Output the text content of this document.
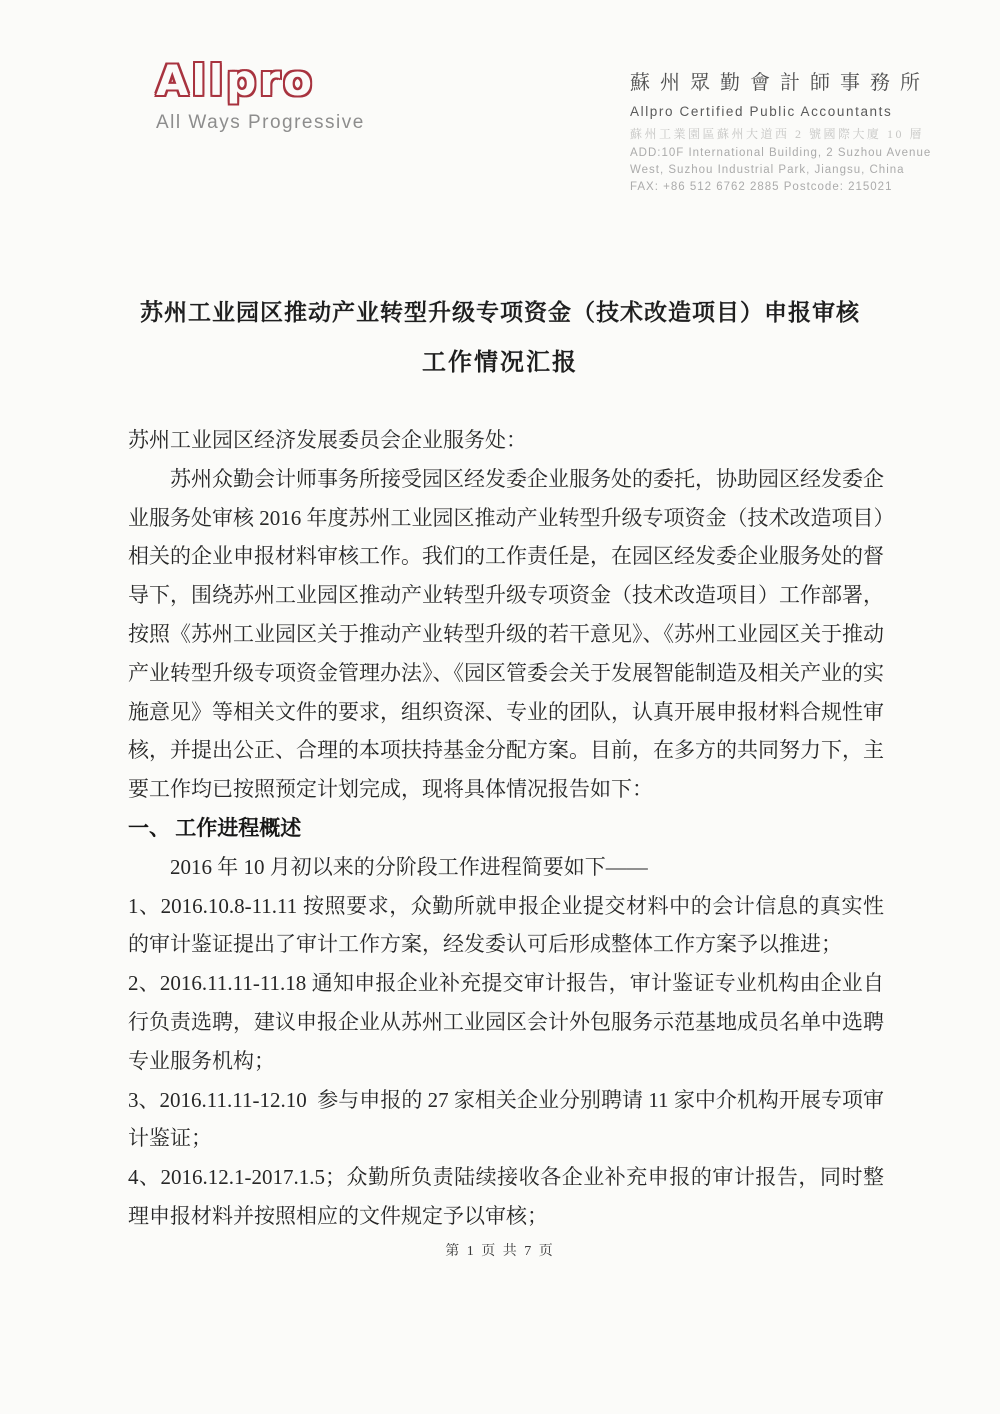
Allpro
All Ways Progressive
蘇州眾勤會計師事務所
Allpro Certified Public Accountants
蘇州工業園區蘇州大道西 2 號國際大廈 10 層
ADD:10F International Building, 2 Suzhou Avenue
West, Suzhou Industrial Park, Jiangsu, China
FAX: +86 512 6762 2885 Postcode: 215021
苏州工业园区推动产业转型升级专项资金（技术改造项目）申报审核
工作情况汇报

苏州工业园区经济发展委员会企业服务处：

苏州众勤会计师事务所接受园区经发委企业服务处的委托，协助园区经发委企业服务处审核 2016 年度苏州工业园区推动产业转型升级专项资金（技术改造项目）相关的企业申报材料审核工作。我们的工作责任是，在园区经发委企业服务处的督导下，围绕苏州工业园区推动产业转型升级专项资金（技术改造项目）工作部署，按照《苏州工业园区关于推动产业转型升级的若干意见》、《苏州工业园区关于推动产业转型升级专项资金管理办法》、《园区管委会关于发展智能制造及相关产业的实施意见》等相关文件的要求，组织资深、专业的团队，认真开展申报材料合规性审核，并提出公正、合理的本项扶持基金分配方案。目前，在多方的共同努力下，主要工作均已按照预定计划完成，现将具体情况报告如下：

一、 工作进程概述

2016 年 10 月初以来的分阶段工作进程简要如下——

1、2016.10.8-11.11 按照要求，众勤所就申报企业提交材料中的会计信息的真实性的审计鉴证提出了审计工作方案，经发委认可后形成整体工作方案予以推进；

2、2016.11.11-11.18 通知申报企业补充提交审计报告，审计鉴证专业机构由企业自行负责选聘，建议申报企业从苏州工业园区会计外包服务示范基地成员名单中选聘专业服务机构；

3、2016.11.11-12.10  参与申报的 27 家相关企业分别聘请 11 家中介机构开展专项审计鉴证；

4、2016.12.1-2017.1.5；众勤所负责陆续接收各企业补充申报的审计报告，同时整理申报材料并按照相应的文件规定予以审核；

第 1 页 共 7 页
